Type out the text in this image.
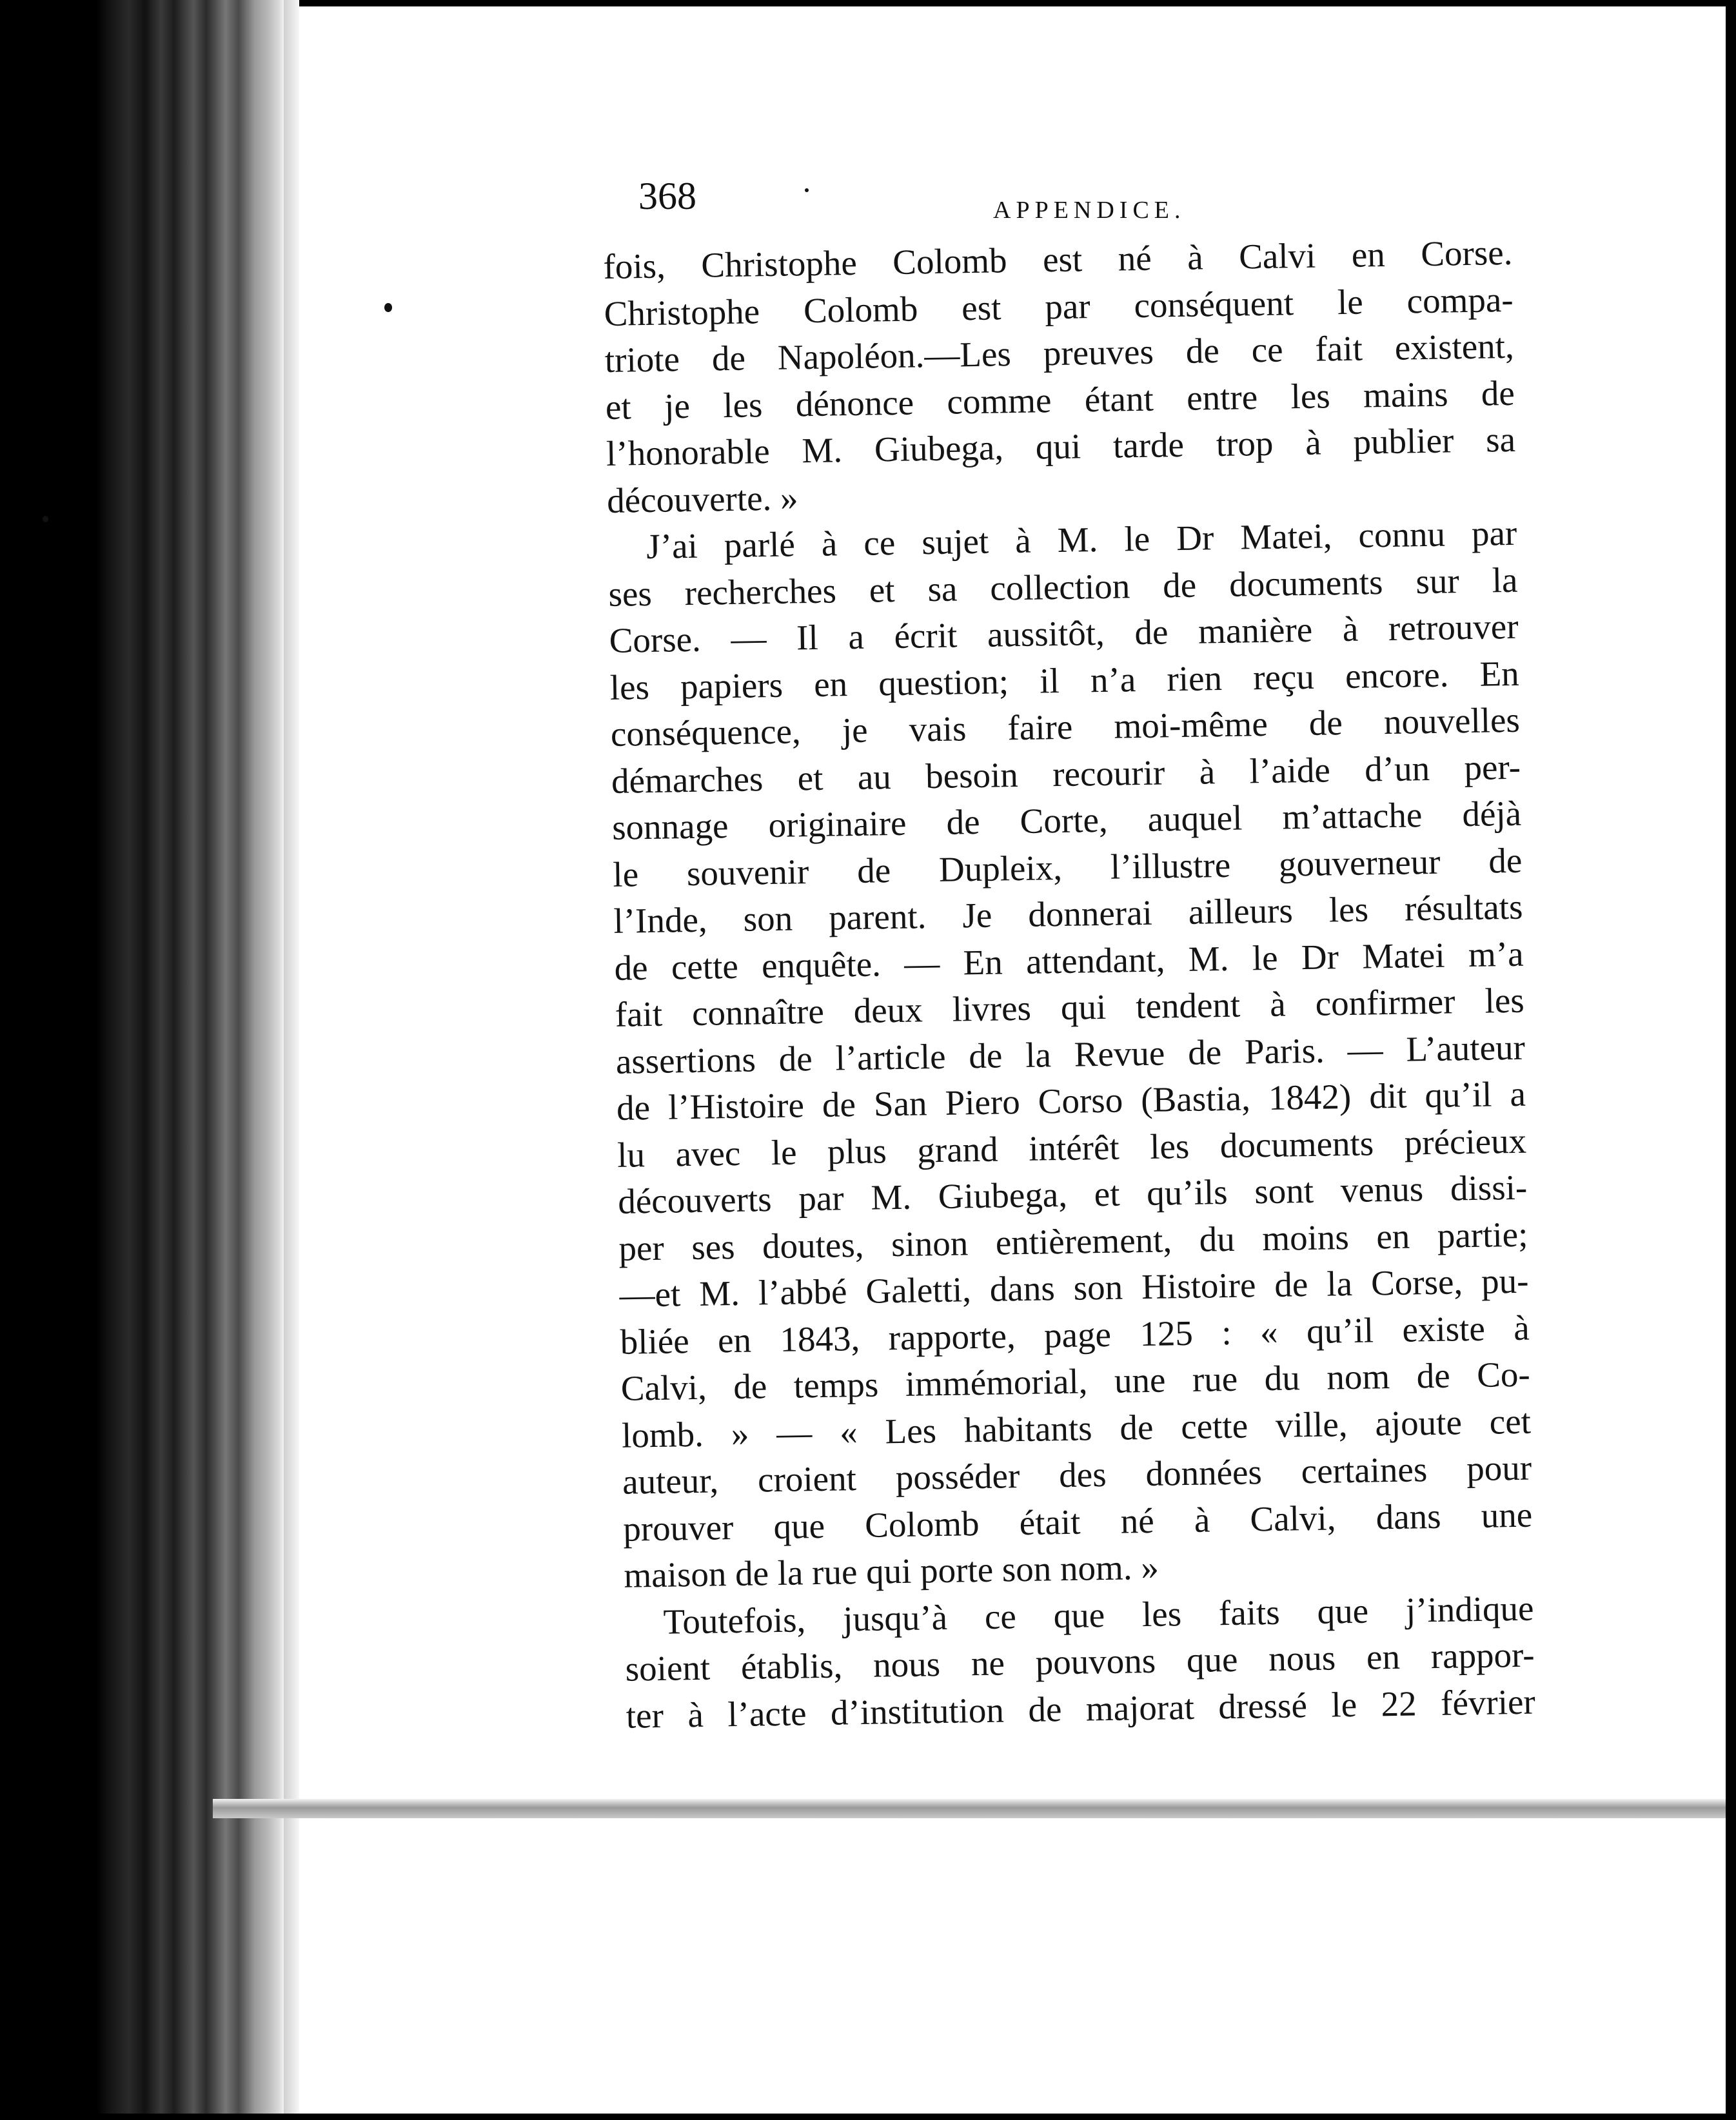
368	APPENDICE.
fois, Christophe Colomb est né à Calvi en Corse.
Christophe Colomb est par conséquent le compa-
triote de Napoléon.—Les preuves de ce fait existent,
et je les dénonce comme étant entre les mains de
l’honorable M. Giubega, qui tarde trop à publier sa
découverte. »
J’ai parlé à ce sujet à M. le Dr Matei, connu par
ses recherches et sa collection de documents sur la
Corse. — Il a écrit aussitôt, de manière à retrouver
les papiers en question; il n’a rien reçu encore. En
conséquence, je vais faire moi-même de nouvelles
démarches et au besoin recourir à l’aide d’un per-
sonnage originaire de Corte, auquel m’attache déjà
le souvenir de Dupleix, l’illustre gouverneur de
l’Inde, son parent. Je donnerai ailleurs les résultats
de cette enquête. — En attendant, M. le Dr Matei m’a
fait connaître deux livres qui tendent à confirmer les
assertions de l’article de la Revue de Paris. — L’auteur
de l’Histoire de San Piero Corso (Bastia, 1842) dit qu’il a
lu avec le plus grand intérêt les documents précieux
découverts par M. Giubega, et qu’ils sont venus dissi-
per ses doutes, sinon entièrement, du moins en partie;
—et M. l’abbé Galetti, dans son Histoire de la Corse, pu-
bliée en 1843, rapporte, page 125 : « qu’il existe à
Calvi, de temps immémorial, une rue du nom de Co-
lomb. » — « Les habitants de cette ville, ajoute cet
auteur, croient posséder des données certaines pour
prouver que Colomb était né à Calvi, dans une
maison de la rue qui porte son nom. »
Toutefois, jusqu’à ce que les faits que j’indique
soient établis, nous ne pouvons que nous en rappor-
ter à l’acte d’institution de majorat dressé le 22 février
